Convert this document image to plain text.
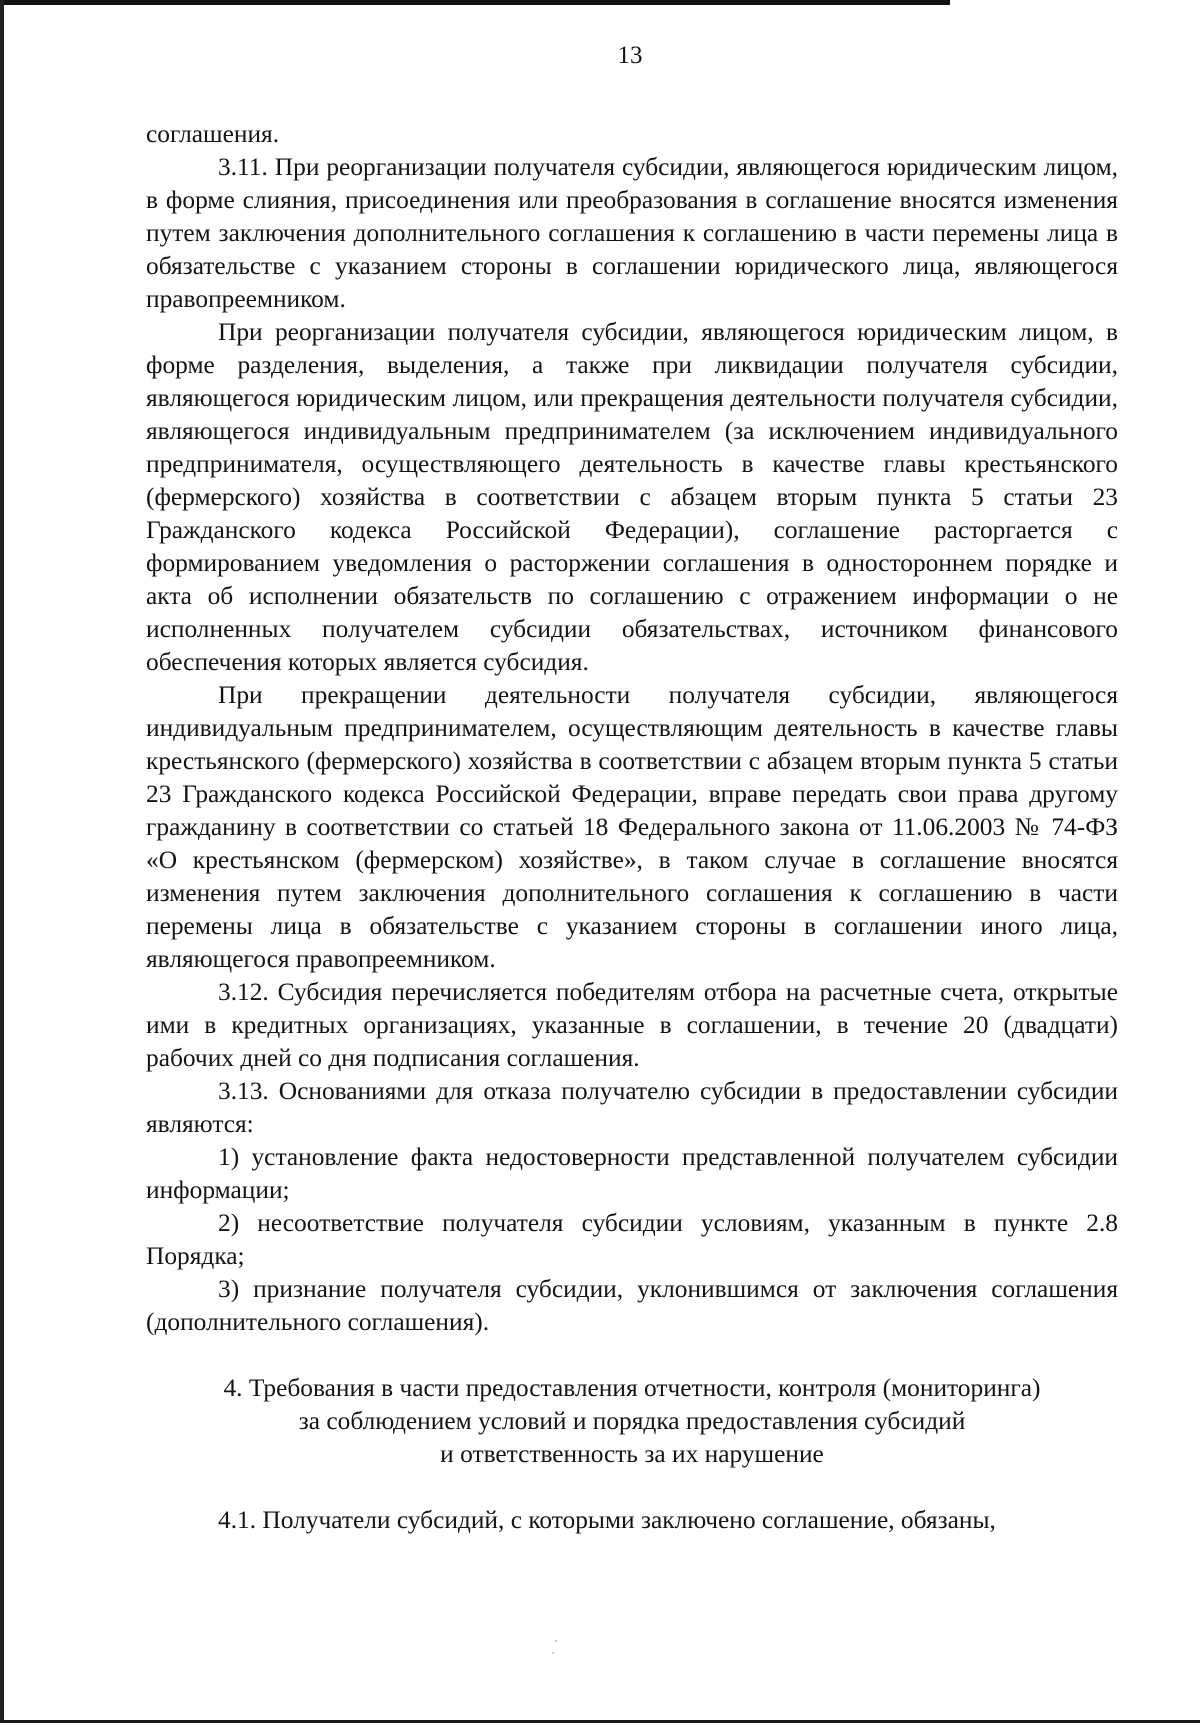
13

соглашения.

3.11. При реорганизации получателя субсидии, являющегося юридическим лицом, в форме слияния, присоединения или преобразования в соглашение вносятся изменения путем заключения дополнительного соглашения к соглашению в части перемены лица в обязательстве с указанием стороны в соглашении юридического лица, являющегося правопреемником.

При реорганизации получателя субсидии, являющегося юридическим лицом, в форме разделения, выделения, а также при ликвидации получателя субсидии, являющегося юридическим лицом, или прекращения деятельности получателя субсидии, являющегося индивидуальным предпринимателем (за исключением индивидуального предпринимателя, осуществляющего деятельность в качестве главы крестьянского (фермерского) хозяйства в соответствии с абзацем вторым пункта 5 статьи 23 Гражданского кодекса Российской Федерации), соглашение расторгается с формированием уведомления о расторжении соглашения в одностороннем порядке и акта об исполнении обязательств по соглашению с отражением информации о не исполненных получателем субсидии обязательствах, источником финансового обеспечения которых является субсидия.

При прекращении деятельности получателя субсидии, являющегося индивидуальным предпринимателем, осуществляющим деятельность в качестве главы крестьянского (фермерского) хозяйства в соответствии с абзацем вторым пункта 5 статьи 23 Гражданского кодекса Российской Федерации, вправе передать свои права другому гражданину в соответствии со статьей 18 Федерального закона от 11.06.2003 № 74-ФЗ «О крестьянском (фермерском) хозяйстве», в таком случае в соглашение вносятся изменения путем заключения дополнительного соглашения к соглашению в части перемены лица в обязательстве с указанием стороны в соглашении иного лица, являющегося правопреемником.

3.12. Субсидия перечисляется победителям отбора на расчетные счета, открытые ими в кредитных организациях, указанные в соглашении, в течение 20 (двадцати) рабочих дней со дня подписания соглашения.

3.13. Основаниями для отказа получателю субсидии в предоставлении субсидии являются:

1) установление факта недостоверности представленной получателем субсидии информации;

2) несоответствие получателя субсидии условиям, указанным в пункте 2.8 Порядка;

3) признание получателя субсидии, уклонившимся от заключения соглашения (дополнительного соглашения).

4. Требования в части предоставления отчетности, контроля (мониторинга)
за соблюдением условий и порядка предоставления субсидий
и ответственность за их нарушение

4.1. Получатели субсидий, с которыми заключено соглашение, обязаны,
